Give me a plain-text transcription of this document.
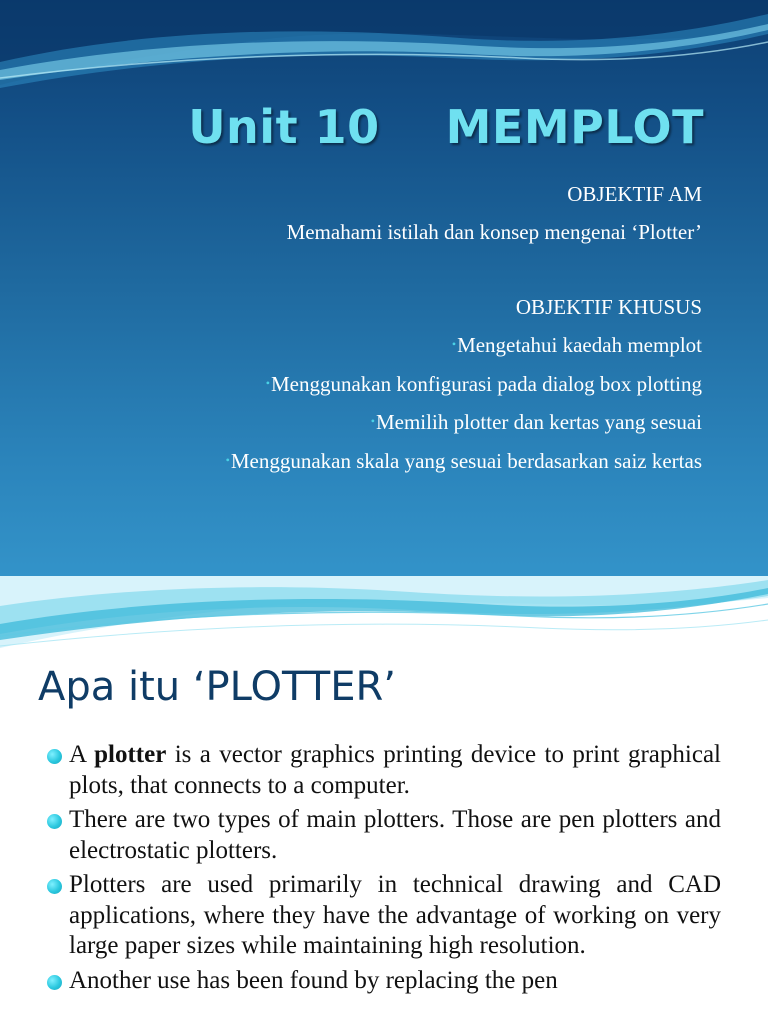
Unit 10    MEMPLOT
OBJEKTIF AM
Memahami istilah dan konsep mengenai ‘Plotter’
OBJEKTIF KHUSUS
•Mengetahui kaedah memplot
•Menggunakan konfigurasi pada dialog box plotting
•Memilih plotter dan kertas yang sesuai
•Menggunakan skala yang sesuai berdasarkan saiz kertas
Apa itu ‘PLOTTER’
A plotter is a vector graphics printing device to print graphical plots, that connects to a computer.
There are two types of main plotters. Those are pen plotters and electrostatic plotters.
Plotters are used primarily in technical drawing and CAD applications, where they have the advantage of working on very large paper sizes while maintaining high resolution.
Another use has been found by replacing the pen
